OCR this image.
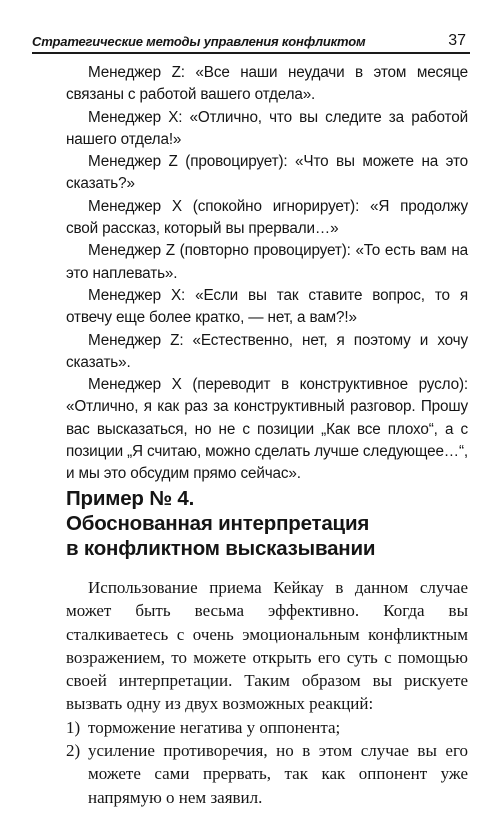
Стратегические методы управления конфликтом	37

Менеджер Z: «Все наши неудачи в этом месяце связаны с работой вашего отдела».

Менеджер X: «Отлично, что вы следите за работой нашего отдела!»

Менеджер Z (провоцирует): «Что вы можете на это сказать?»

Менеджер X (спокойно игнорирует): «Я продолжу свой рассказ, который вы прервали…»

Менеджер Z (повторно провоцирует): «То есть вам на это наплевать».

Менеджер X: «Если вы так ставите вопрос, то я отвечу еще более кратко, — нет, а вам?!»

Менеджер Z: «Естественно, нет, я поэтому и хочу сказать».

Менеджер X (переводит в конструктивное русло): «Отлично, я как раз за конструктивный разговор. Прошу вас высказаться, но не с позиции „Как все плохо“, а с позиции „Я считаю, можно сделать лучше следующее…“, и мы это обсудим прямо сейчас».

Пример № 4.
Обоснованная интерпретация
в конфликтном высказывании

Использование приема Кейкау в данном случае может быть весьма эффективно. Когда вы сталкиваетесь с очень эмоциональным конфликтным возражением, то можете открыть его суть с помощью своей интерпретации. Таким образом вы рискуете вызвать одну из двух возможных реакций:

1) торможение негатива у оппонента;
2) усиление противоречия, но в этом случае вы его можете сами прервать, так как оппонент уже напрямую о нем заявил.
